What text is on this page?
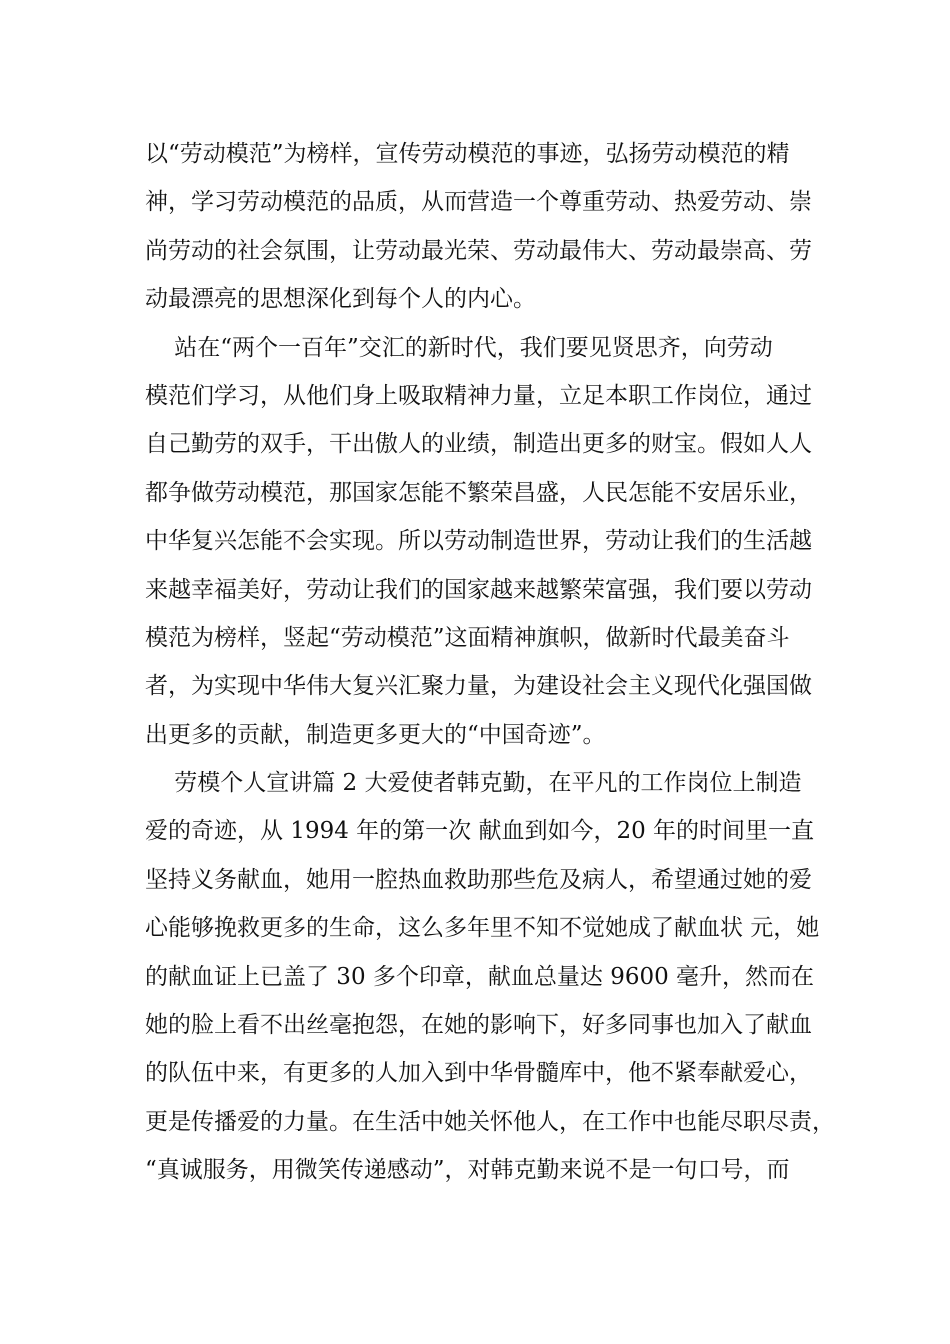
以“劳动模范”为榜样，宣传劳动模范的事迹，弘扬劳动模范的精
神，学习劳动模范的品质，从而营造一个尊重劳动、热爱劳动、崇
尚劳动的社会氛围，让劳动最光荣、劳动最伟大、劳动最崇高、劳
动最漂亮的思想深化到每个人的内心。
站在“两个一百年”交汇的新时代，我们要见贤思齐，向劳动
模范们学习，从他们身上吸取精神力量，立足本职工作岗位，通过
自己勤劳的双手，干出傲人的业绩，制造出更多的财宝。假如人人
都争做劳动模范，那国家怎能不繁荣昌盛，人民怎能不安居乐业，
中华复兴怎能不会实现。所以劳动制造世界，劳动让我们的生活越
来越幸福美好，劳动让我们的国家越来越繁荣富强，我们要以劳动
模范为榜样，竖起“劳动模范”这面精神旗帜，做新时代最美奋斗
者，为实现中华伟大复兴汇聚力量，为建设社会主义现代化强国做
出更多的贡献，制造更多更大的“中国奇迹”。
劳模个人宣讲篇 2 大爱使者韩克勤，在平凡的工作岗位上制造
爱的奇迹，从 1994 年的第一次 献血到如今，20 年的时间里一直
坚持义务献血，她用一腔热血救助那些危及病人，希望通过她的爱
心能够挽救更多的生命，这么多年里不知不觉她成了献血状 元，她
的献血证上已盖了 30 多个印章，献血总量达 9600 毫升，然而在
她的脸上看不出丝毫抱怨，在她的影响下，好多同事也加入了献血
的队伍中来，有更多的人加入到中华骨髓库中，他不紧奉献爱心，
更是传播爱的力量。在生活中她关怀他人，在工作中也能尽职尽责，
“真诚服务，用微笑传递感动”，对韩克勤来说不是一句口号，而
